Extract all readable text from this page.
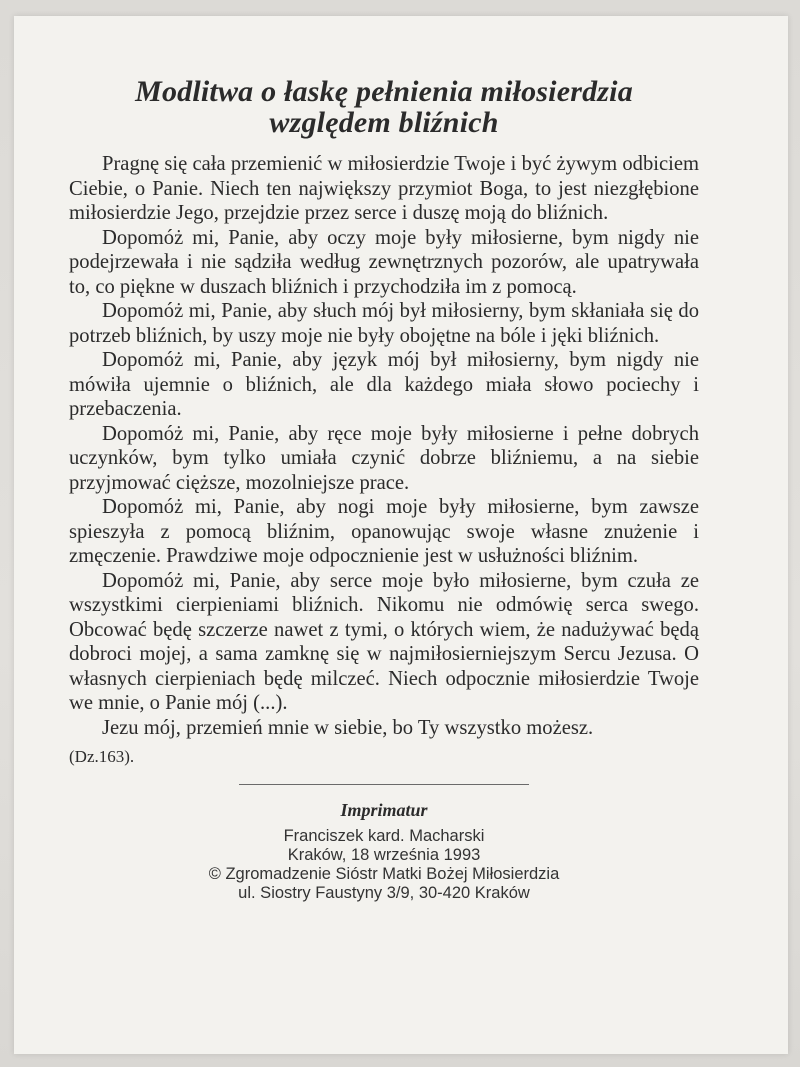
Modlitwa o łaskę pełnienia miłosierdzia
względem bliźnich

Pragnę się cała przemienić w miłosierdzie Twoje i być żywym odbiciem Ciebie, o Panie. Niech ten największy przymiot Boga, to jest niezgłębione miłosierdzie Jego, przejdzie przez serce i duszę moją do bliźnich.

Dopomóż mi, Panie, aby oczy moje były miłosierne, bym nigdy nie podejrzewała i nie sądziła według zewnętrznych pozorów, ale upatrywała to, co piękne w duszach bliźnich i przychodziła im z pomocą.

Dopomóż mi, Panie, aby słuch mój był miłosierny, bym skłaniała się do potrzeb bliźnich, by uszy moje nie były obojętne na bóle i jęki bliźnich.

Dopomóż mi, Panie, aby język mój był miłosierny, bym nigdy nie mówiła ujemnie o bliźnich, ale dla każdego miała słowo pociechy i przebaczenia.

Dopomóż mi, Panie, aby ręce moje były miłosierne i pełne dobrych uczynków, bym tylko umiała czynić dobrze bliźniemu, a na siebie przyjmować cięższe, mozolniejsze prace.

Dopomóż mi, Panie, aby nogi moje były miłosierne, bym zawsze spieszyła z pomocą bliźnim, opanowując swoje własne znużenie i zmęczenie. Prawdziwe moje odpocznienie jest w usłużności bliźnim.

Dopomóż mi, Panie, aby serce moje było miłosierne, bym czuła ze wszystkimi cierpieniami bliźnich. Nikomu nie odmówię serca swego. Obcować będę szczerze nawet z tymi, o których wiem, że nadużywać będą dobroci mojej, a sama zamknę się w najmiłosierniejszym Sercu Jezusa. O własnych cierpieniach będę milczeć. Niech odpocznie miłosierdzie Twoje we mnie, o Panie mój (...).

Jezu mój, przemień mnie w siebie, bo Ty wszystko możesz.

(Dz.163).
Imprimatur
Franciszek kard. Macharski
Kraków, 18 września 1993
© Zgromadzenie Sióstr Matki Bożej Miłosierdzia
ul. Siostry Faustyny 3/9, 30-420 Kraków
